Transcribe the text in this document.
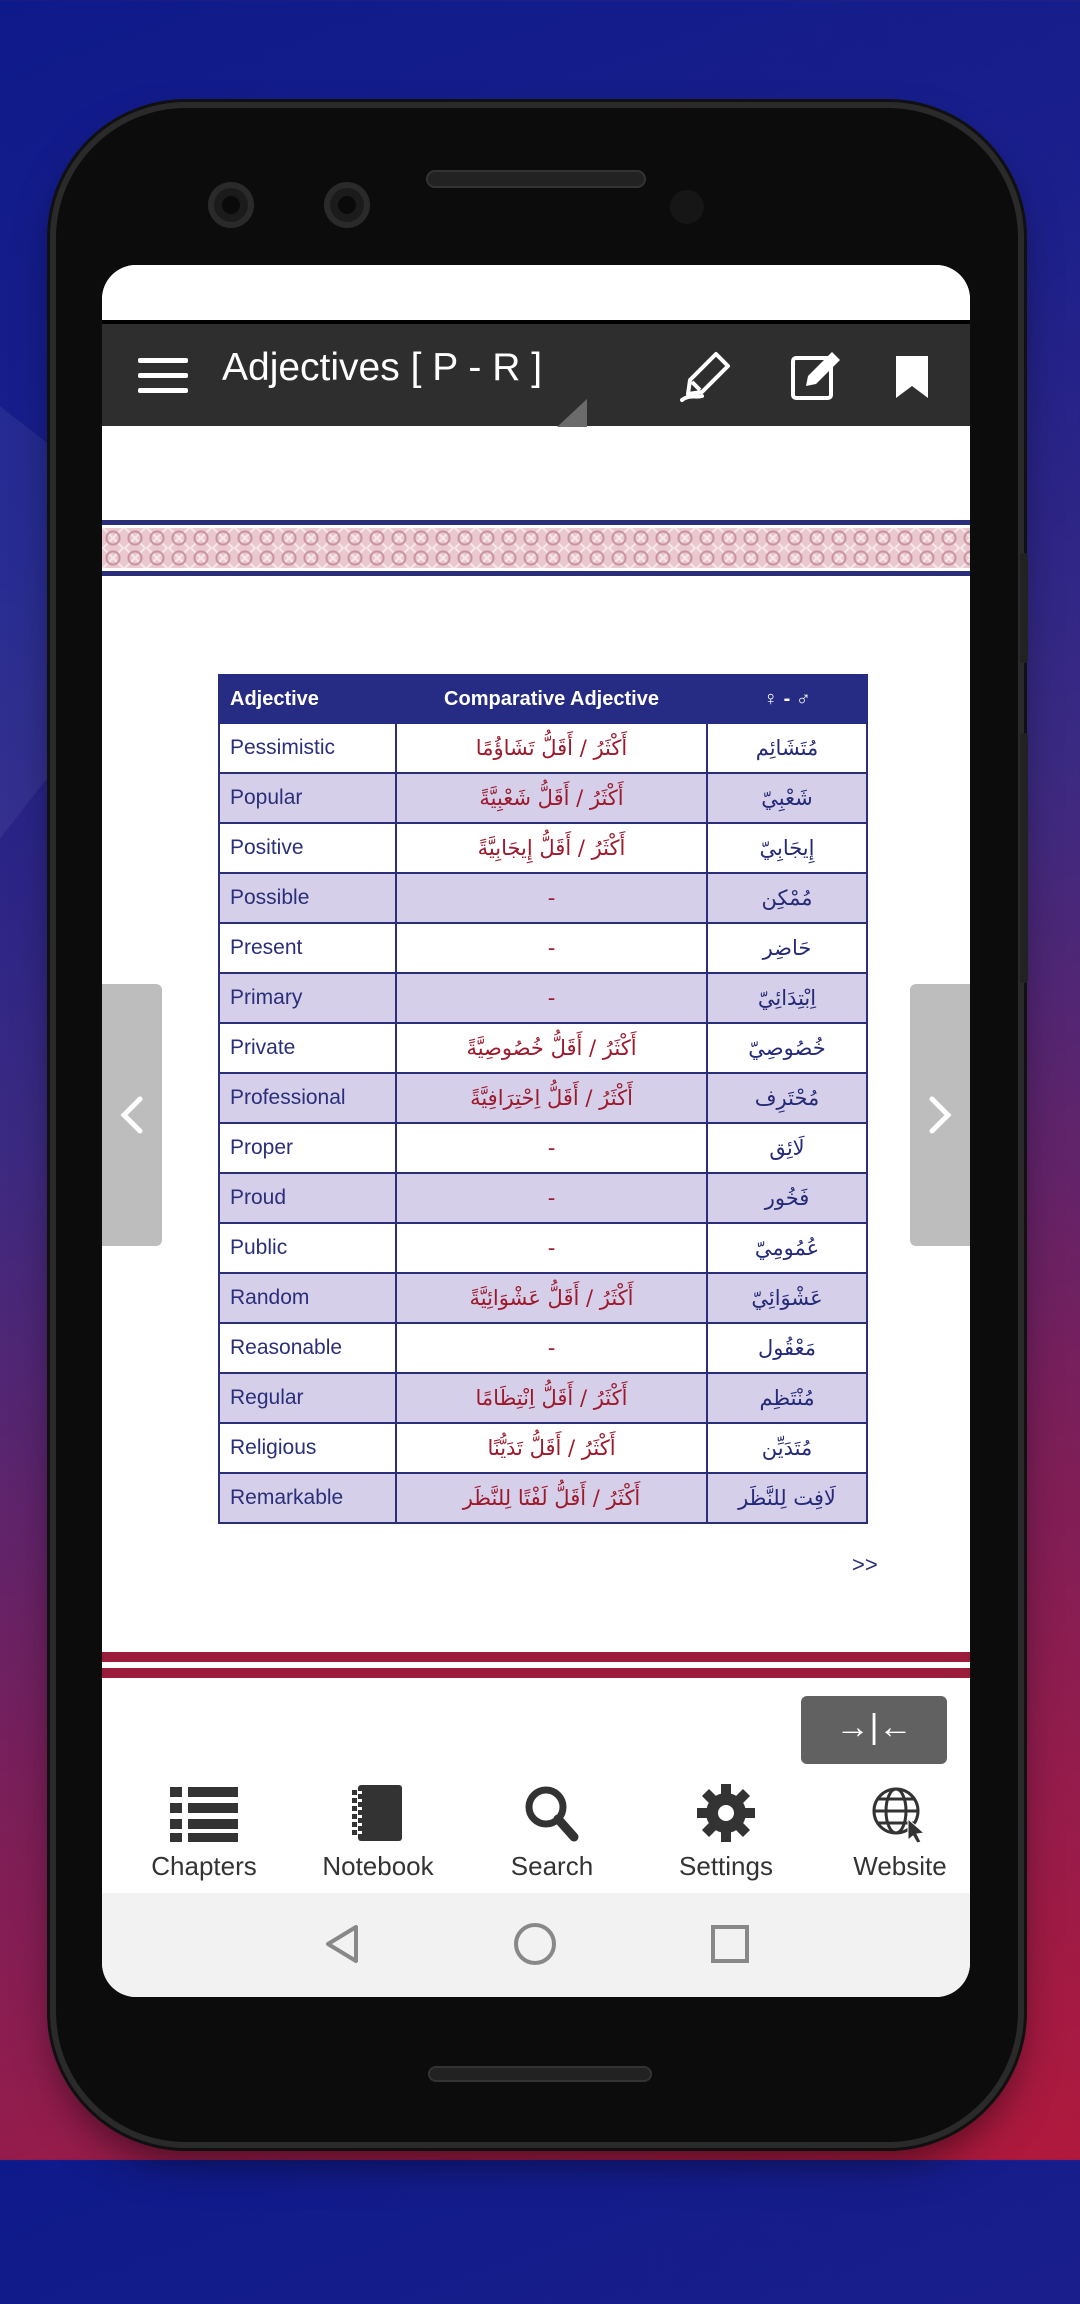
Adjectives [ P - R ]
Adjective	Comparative Adjective	♀ - ♂
Pessimistic	أَكْثَرُ / أَقَلُّ تَشَاؤُمًا	مُتَشَائِم
Popular	أَكْثَرُ / أَقَلُّ شَعْبِيَّةً	شَعْبِيّ
Positive	أَكْثَرُ / أَقَلُّ إِيجَابِيَّةً	إِيجَابِيّ
Possible	-	مُمْكِن
Present	-	حَاضِر
Primary	-	اِبْتِدَائِيّ
Private	أَكْثَرُ / أَقَلُّ خُصُوصِيَّةً	خُصُوصِيّ
Professional	أَكْثَرُ / أَقَلُّ اِحْتِرَافِيَّةً	مُحْتَرِف
Proper	-	لَائِق
Proud	-	فَخُور
Public	-	عُمُومِيّ
Random	أَكْثَرُ / أَقَلُّ عَشْوَائِيَّةً	عَشْوَائِيّ
Reasonable	-	مَعْقُول
Regular	أَكْثَرُ / أَقَلُّ اِنْتِظَامًا	مُنْتَظِم
Religious	أَكْثَرُ / أَقَلُّ تَدَيُّنًا	مُتَدَيِّن
Remarkable	أَكْثَرُ / أَقَلُّ لَفْتًا لِلنَّظَر	لَافِت لِلنَّظَر
>>
→|←
Chapters	Notebook	Search	Settings	Website
